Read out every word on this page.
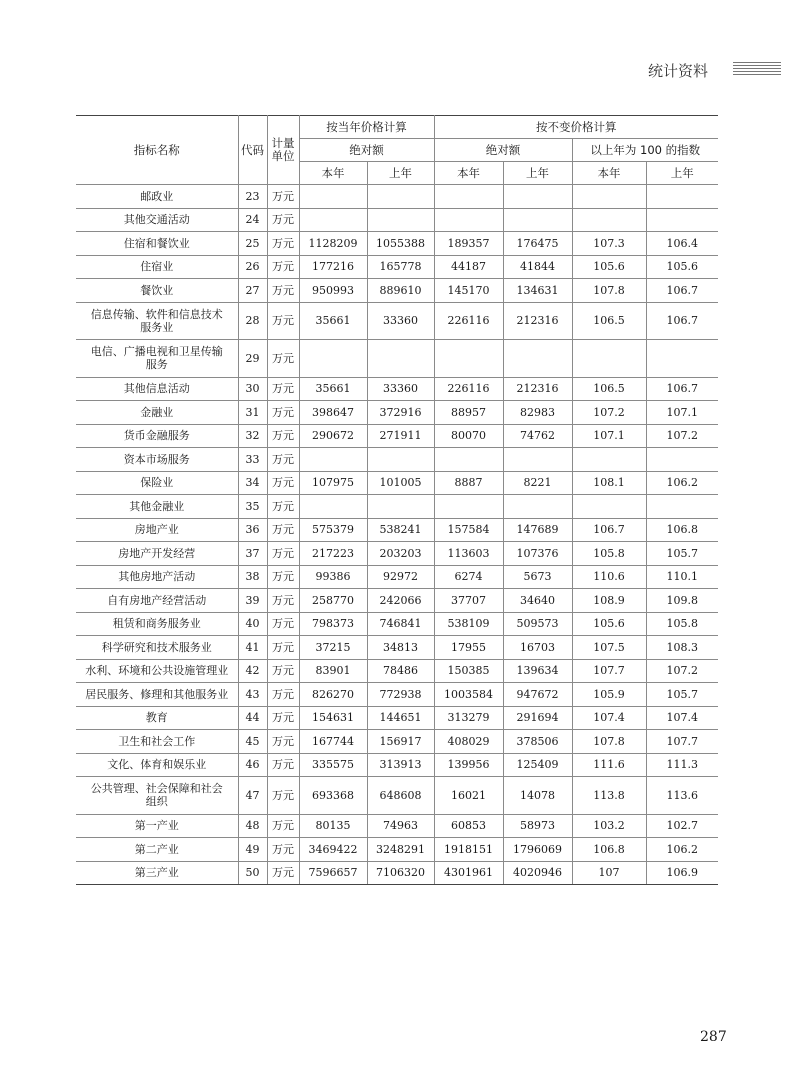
统计资料
指标名称	代码	计量单位	按当年价格计算		按不变价格计算			
			绝对额		绝对额		以上年为 100 的指数	
			本年	上年	本年	上年	本年	上年
邮政业	23	万元						
其他交通活动	24	万元						
住宿和餐饮业	25	万元	1128209	1055388	189357	176475	107.3	106.4
住宿业	26	万元	177216	165778	44187	41844	105.6	105.6
餐饮业	27	万元	950993	889610	145170	134631	107.8	106.7
信息传输、软件和信息技术服务业	28	万元	35661	33360	226116	212316	106.5	106.7
电信、广播电视和卫星传输服务	29	万元						
其他信息活动	30	万元	35661	33360	226116	212316	106.5	106.7
金融业	31	万元	398647	372916	88957	82983	107.2	107.1
货币金融服务	32	万元	290672	271911	80070	74762	107.1	107.2
资本市场服务	33	万元						
保险业	34	万元	107975	101005	8887	8221	108.1	106.2
其他金融业	35	万元						
房地产业	36	万元	575379	538241	157584	147689	106.7	106.8
房地产开发经营	37	万元	217223	203203	113603	107376	105.8	105.7
其他房地产活动	38	万元	99386	92972	6274	5673	110.6	110.1
自有房地产经营活动	39	万元	258770	242066	37707	34640	108.9	109.8
租赁和商务服务业	40	万元	798373	746841	538109	509573	105.6	105.8
科学研究和技术服务业	41	万元	37215	34813	17955	16703	107.5	108.3
水利、环境和公共设施管理业	42	万元	83901	78486	150385	139634	107.7	107.2
居民服务、修理和其他服务业	43	万元	826270	772938	1003584	947672	105.9	105.7
教育	44	万元	154631	144651	313279	291694	107.4	107.4
卫生和社会工作	45	万元	167744	156917	408029	378506	107.8	107.7
文化、体育和娱乐业	46	万元	335575	313913	139956	125409	111.6	111.3
公共管理、社会保障和社会组织	47	万元	693368	648608	16021	14078	113.8	113.6
第一产业	48	万元	80135	74963	60853	58973	103.2	102.7
第二产业	49	万元	3469422	3248291	1918151	1796069	106.8	106.2
第三产业	50	万元	7596657	7106320	4301961	4020946	107	106.9
287
